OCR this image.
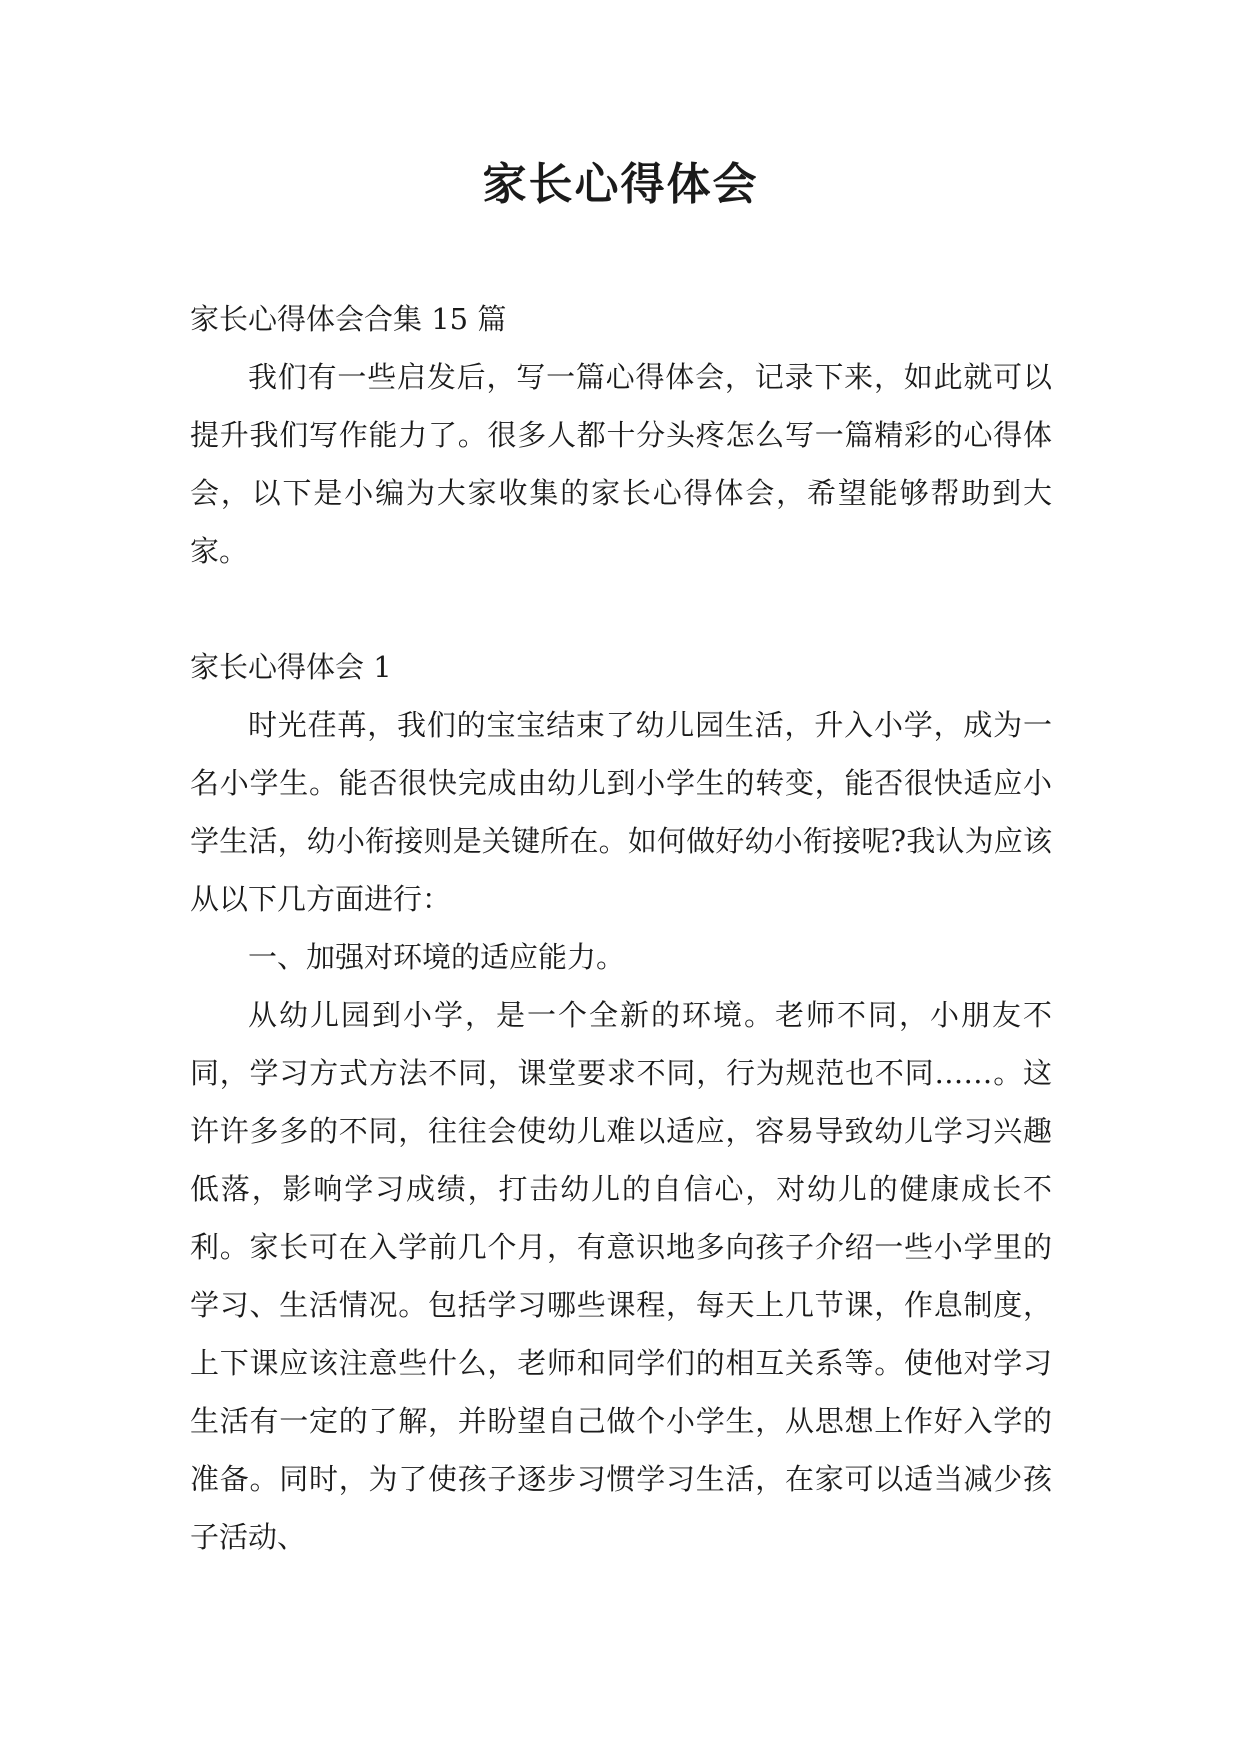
家长心得体会

家长心得体会合集 15 篇

我们有一些启发后，写一篇心得体会，记录下来，如此就可以提升我们写作能力了。很多人都十分头疼怎么写一篇精彩的心得体会，以下是小编为大家收集的家长心得体会，希望能够帮助到大家。

家长心得体会 1

时光荏苒，我们的宝宝结束了幼儿园生活，升入小学，成为一名小学生。能否很快完成由幼儿到小学生的转变，能否很快适应小学生活，幼小衔接则是关键所在。如何做好幼小衔接呢?我认为应该从以下几方面进行：

一、加强对环境的适应能力。

从幼儿园到小学，是一个全新的环境。老师不同，小朋友不同，学习方式方法不同，课堂要求不同，行为规范也不同……。这许许多多的不同，往往会使幼儿难以适应，容易导致幼儿学习兴趣低落，影响学习成绩，打击幼儿的自信心，对幼儿的健康成长不利。家长可在入学前几个月，有意识地多向孩子介绍一些小学里的学习、生活情况。包括学习哪些课程，每天上几节课，作息制度，上下课应该注意些什么，老师和同学们的相互关系等。使他对学习生活有一定的了解，并盼望自己做个小学生，从思想上作好入学的准备。同时，为了使孩子逐步习惯学习生活，在家可以适当减少孩子活动、
